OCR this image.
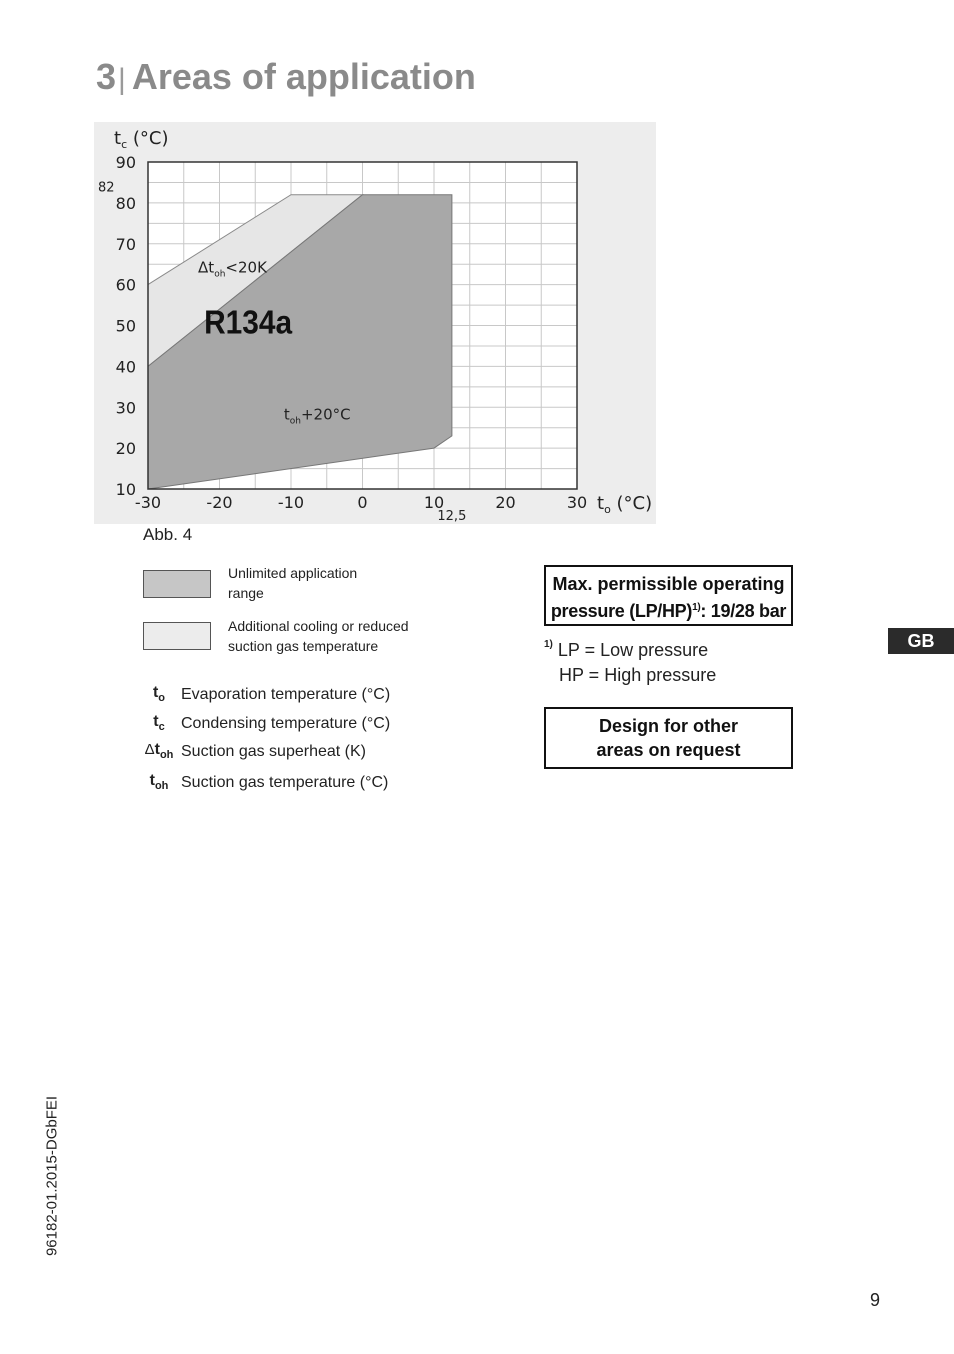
3| Areas of application
-30	-20	-10	0	10	20	30
10
20
30
40
50
60
70
80
90
12,5
82
$t_c$ (°C)
$t_o$ (°C)
R134a
$\Delta t_{oh}<20K$
$t_{oh}+20^\circ C$
Abb. 4
Unlimited application
range
Additional cooling or reduced
suction gas temperature
$t_o$ Evaporation temperature (°C)
$t_c$	Condensing temperature (°C)
$\Delta t_{oh}$ Suction gas superheat (K)
$t_{oh}$ Suction gas temperature (°C)
Max. permissible operating
pressure $(LP/HP)^{1)}$: 19/28 bar
$^{1)}$ LP = Low pressure
HP = High pressure
Design for other
areas on request
GB
96182-01.2015-DGbFEI
9
